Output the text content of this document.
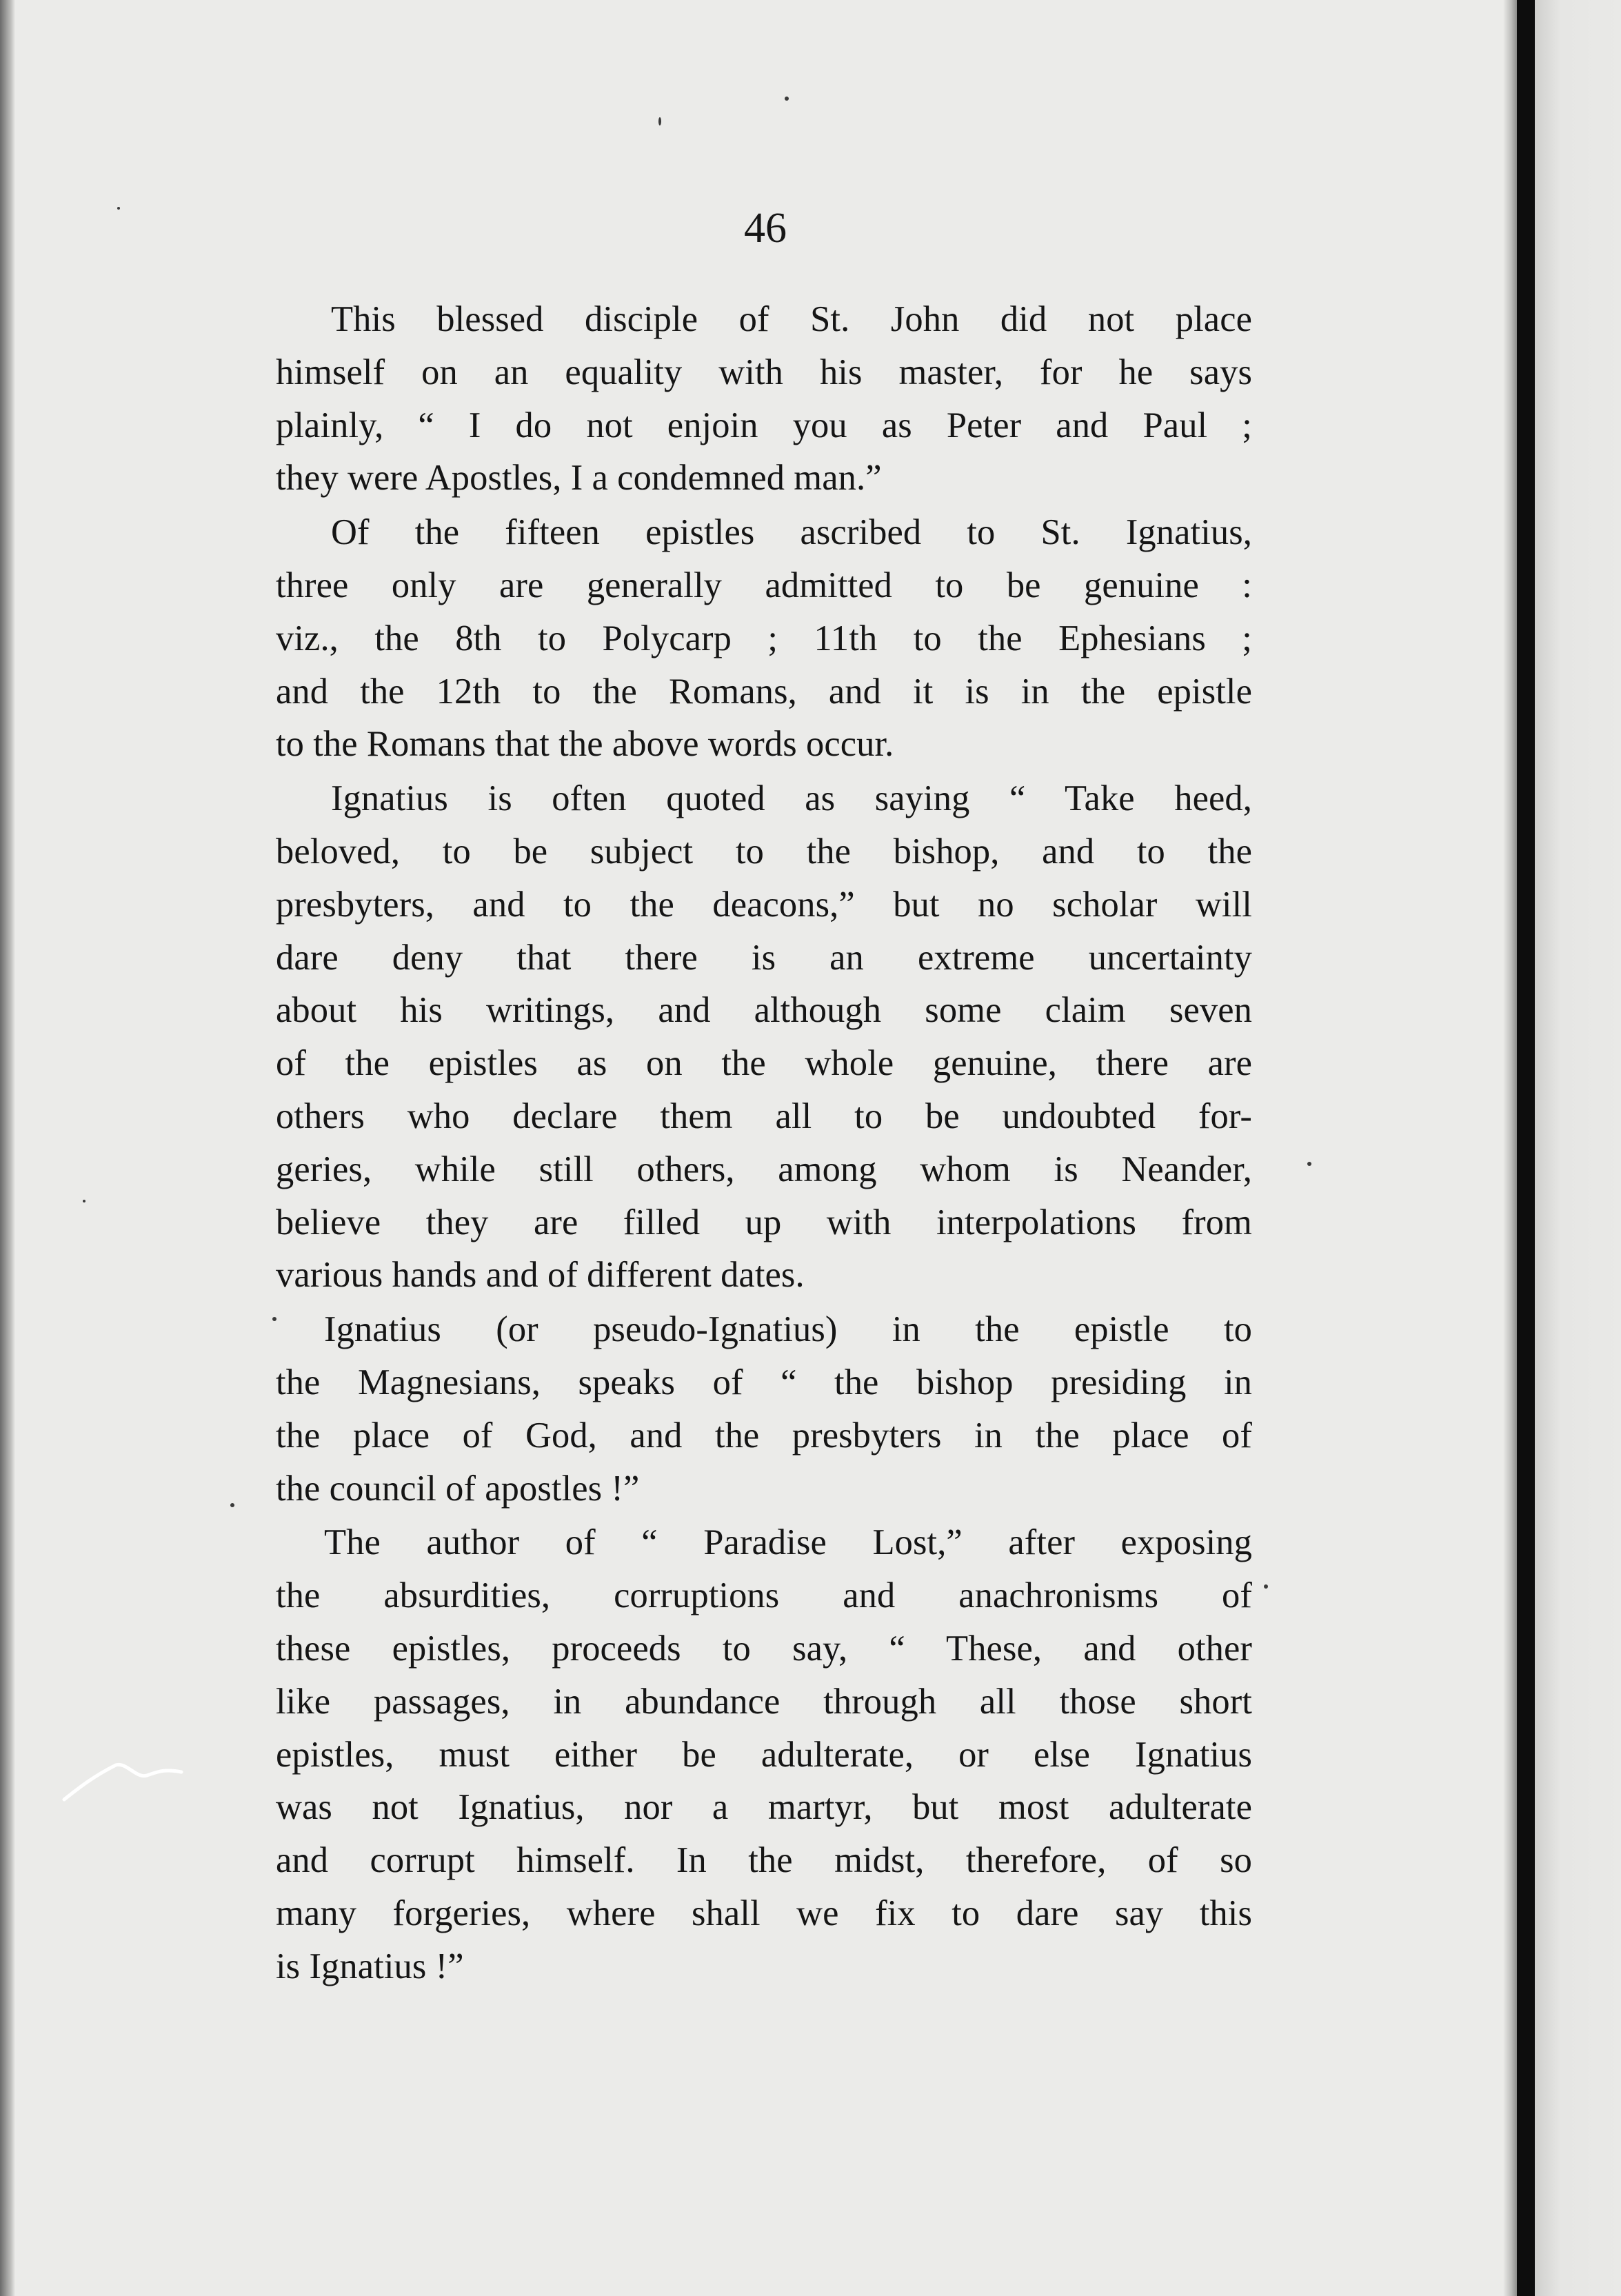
46

This blessed disciple of St. John did not place
himself on an equality with his master, for he says
plainly, “ I do not enjoin you as Peter and Paul ;
they were Apostles, I a condemned man.”

Of the fifteen epistles ascribed to St. Ignatius,
three only are generally admitted to be genuine :
viz., the 8th to Polycarp ; 11th to the Ephesians ;
and the 12th to the Romans, and it is in the epistle
to the Romans that the above words occur.

Ignatius is often quoted as saying “ Take heed,
beloved, to be subject to the bishop, and to the
presbyters, and to the deacons,” but no scholar will
dare deny that there is an extreme uncertainty
about his writings, and although some claim seven
of the epistles as on the whole genuine, there are
others who declare them all to be undoubted for-
geries, while still others, among whom is Neander,
believe they are filled up with interpolations from
various hands and of different dates.

Ignatius (or pseudo-Ignatius) in the epistle to
the Magnesians, speaks of “ the bishop presiding in
the place of God, and the presbyters in the place of
the council of apostles !”

The author of “ Paradise Lost,” after exposing
the absurdities, corruptions and anachronisms of
these epistles, proceeds to say, “ These, and other
like passages, in abundance through all those short
epistles, must either be adulterate, or else Ignatius
was not Ignatius, nor a martyr, but most adulterate
and corrupt himself. In the midst, therefore, of so
many forgeries, where shall we fix to dare say this
is Ignatius !”
